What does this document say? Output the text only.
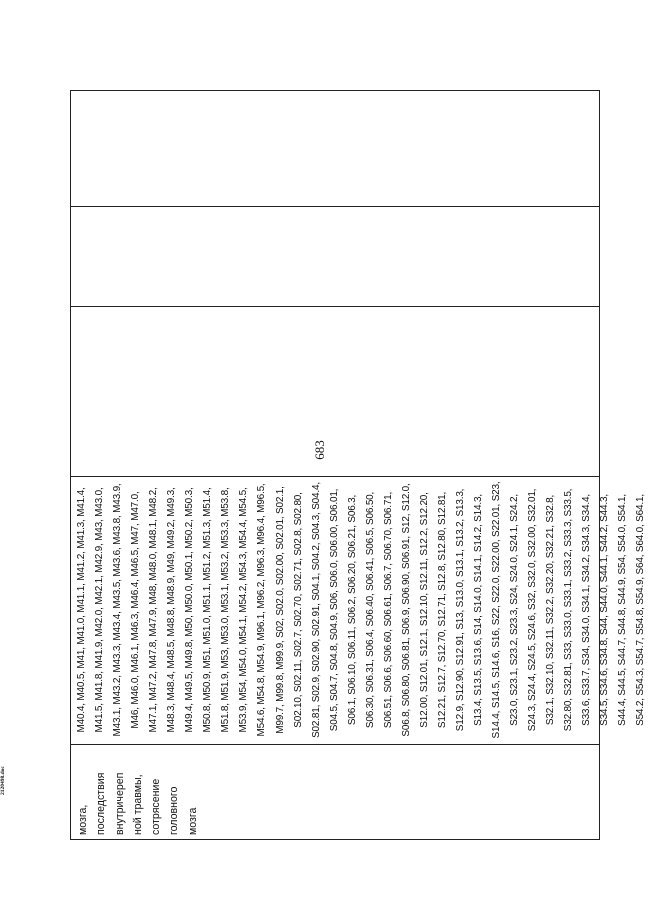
мозга, последствия внутричереп ной травмы, сотрясение головного мозга
M40.4, M40.5, M41, M41.0, M41.1, M41.2, M41.3, M41.4, M41.5, M41.8, M41.9, M42.0, M42.1, M42.9, M43, M43.0, M43.1, M43.2, M43.3, M43.4, M43.5, M43.6, M43.8, M43.9, M46, M46.0, M46.1, M46.3, M46.4, M46.5, M47, M47.0, M47.1, M47.2, M47.8, M47.9, M48, M48.0, M48.1, M48.2, M48.3, M48.4, M48.5, M48.8, M48.9, M49, M49.2, M49.3, M49.4, M49.5, M49.8, M50, M50.0, M50.1, M50.2, M50.3, M50.8, M50.9, M51, M51.0, M51.1, M51.2, M51.3, M51.4, M51.8, M51.9, M53, M53.0, M53.1, M53.2, M53.3, M53.8, M53.9, M54, M54.0, M54.1, M54.2, M54.3, M54.4, M54.5, M54.6, M54.8, M54.9, M96.1, M96.2, M96.3, M96.4, M96.5, M99.7, M99.8, M99.9, S02, S02.0, S02.00, S02.01, S02.1, S02.10, S02.11, S02.7, S02.70, S02.71, S02.8, S02.80, S02.81, S02.9, S02.90, S02.91, S04.1, S04.2, S04.3, S04.4, S04.5, S04.7, S04.8, S04.9, S06, S06.0, S06.00, S06.01, S06.1, S06.10, S06.11, S06.2, S06.20, S06.21, S06.3, S06.30, S06.31, S06.4, S06.40, S06.41, S06.5, S06.50, S06.51, S06.6, S06.60, S06.61, S06.7, S06.70, S06.71, S06.8, S06.80, S06.81, S06.9, S06.90, S06.91, S12, S12.0, S12.00, S12.01, S12.1, S12.10, S12.11, S12.2, S12.20, S12.21, S12.7, S12.70, S12.71, S12.8, S12.80, S12.81, S12.9, S12.90, S12.91, S13, S13.0, S13.1, S13.2, S13.3, S13.4, S13.5, S13.6, S14, S14.0, S14.1, S14.2, S14.3, S14.4, S14.5, S14.6, S16, S22, S22.0, S22.00, S22.01, S23, S23.0, S23.1, S23.2, S23.3, S24, S24.0, S24.1, S24.2, S24.3, S24.4, S24.5, S24.6, S32, S32.0, S32.00, S32.01, S32.1, S32.10, S32.11, S32.2, S32.20, S32.21, S32.8, S32.80, S32.81, S33, S33.0, S33.1, S33.2, S33.3, S33.5, S33.6, S33.7, S34, S34.0, S34.1, S34.2, S34.3, S34.4, S34.5, S34.6, S34.8, S44, S44.0, S44.1, S44.2, S44.3, S44.4, S44.5, S44.7, S44.8, S44.9, S54, S54.0, S54.1, S54.2, S54.3, S54.7, S54.8, S54.9, S64, S64.0, S64.1,
683
2120498.doc
